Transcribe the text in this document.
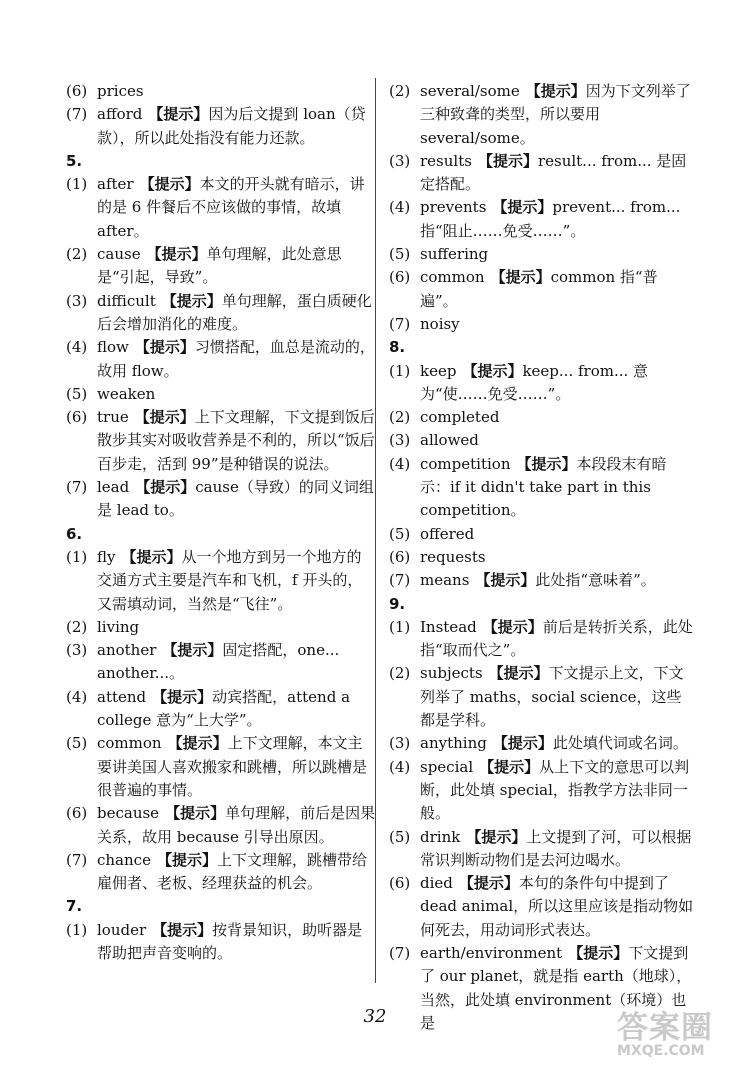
(6) prices
(7) afford 【提示】因为后文提到 loan（贷款），所以此处指没有能力还款。
5.
(1) after 【提示】本文的开头就有暗示，讲的是 6 件餐后不应该做的事情，故填 after。
(2) cause 【提示】单句理解，此处意思是“引起，导致”。
(3) difficult 【提示】单句理解，蛋白质硬化后会增加消化的难度。
(4) flow 【提示】习惯搭配，血总是流动的，故用 flow。
(5) weaken
(6) true 【提示】上下文理解，下文提到饭后散步其实对吸收营养是不利的，所以“饭后百步走，活到 99”是种错误的说法。
(7) lead 【提示】cause（导致）的同义词组是 lead to。
6.
(1) fly 【提示】从一个地方到另一个地方的交通方式主要是汽车和飞机，f 开头的，又需填动词，当然是“飞往”。
(2) living
(3) another 【提示】固定搭配，one... another...。
(4) attend 【提示】动宾搭配，attend a college 意为“上大学”。
(5) common 【提示】上下文理解，本文主要讲美国人喜欢搬家和跳槽，所以跳槽是很普遍的事情。
(6) because 【提示】单句理解，前后是因果关系，故用 because 引导出原因。
(7) chance 【提示】上下文理解，跳槽带给雇佣者、老板、经理获益的机会。
7.
(1) louder 【提示】按背景知识，助听器是帮助把声音变响的。
(2) several/some 【提示】因为下文列举了三种致聋的类型，所以要用 several/some。
(3) results 【提示】result... from... 是固定搭配。
(4) prevents 【提示】prevent... from... 指“阻止……免受……”。
(5) suffering
(6) common 【提示】common 指“普遍”。
(7) noisy
8.
(1) keep 【提示】keep... from... 意为“使……免受……”。
(2) completed
(3) allowed
(4) competition 【提示】本段段末有暗示：if it didn't take part in this competition。
(5) offered
(6) requests
(7) means 【提示】此处指“意味着”。
9.
(1) Instead 【提示】前后是转折关系，此处指“取而代之”。
(2) subjects 【提示】下文提示上文，下文列举了 maths，social science，这些都是学科。
(3) anything 【提示】此处填代词或名词。
(4) special 【提示】从上下文的意思可以判断，此处填 special，指教学方法非同一般。
(5) drink 【提示】上文提到了河，可以根据常识判断动物们是去河边喝水。
(6) died 【提示】本句的条件句中提到了 dead animal，所以这里应该是指动物如何死去，用动词形式表达。
(7) earth/environment 【提示】下文提到了 our planet，就是指 earth（地球），当然，此处填 environment（环境）也是
32	答案圈
MXQE.COM
